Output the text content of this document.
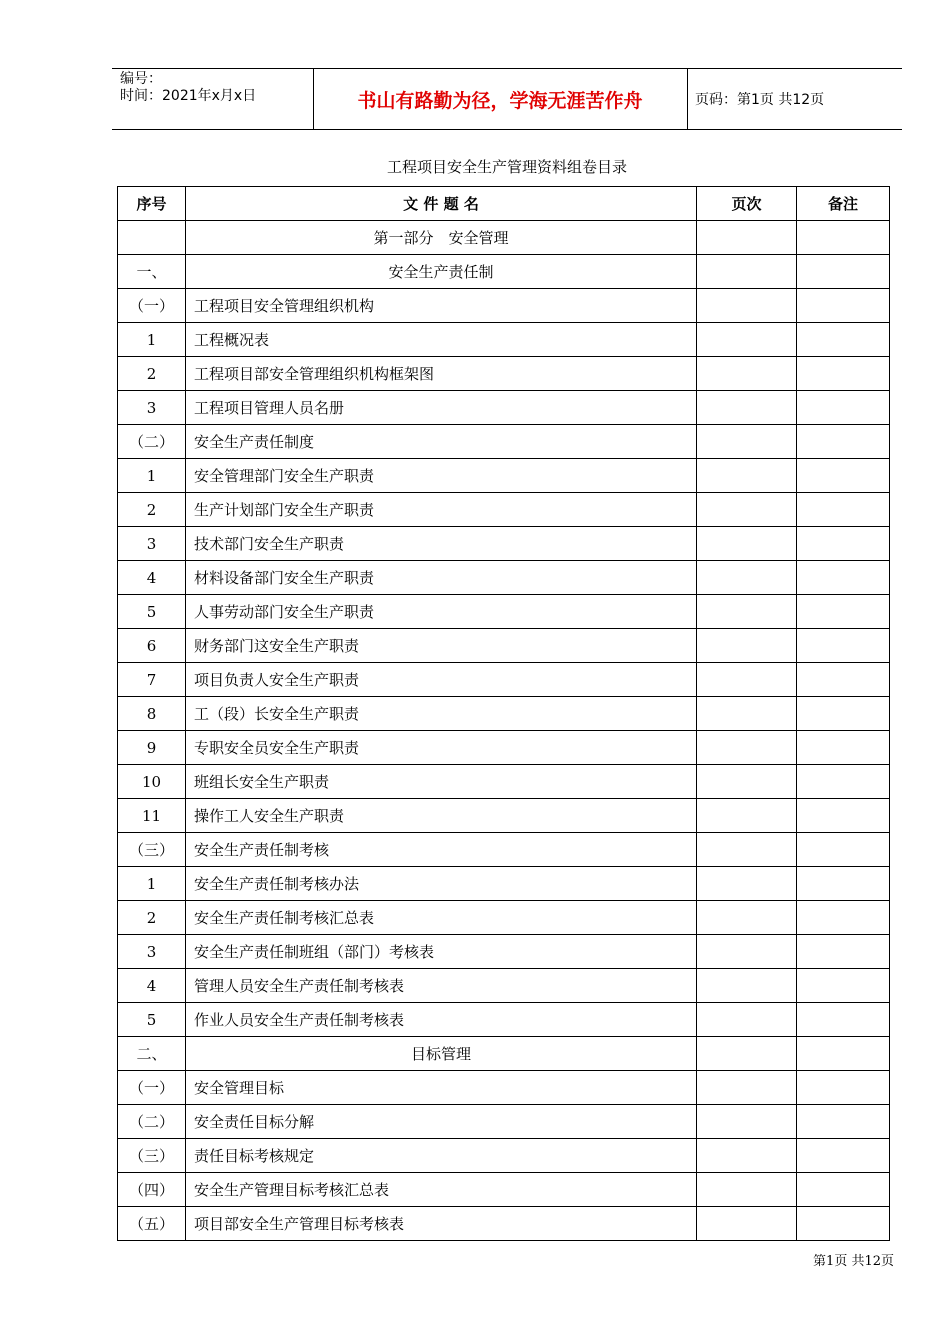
编号：
时间：2021年x月x日	书山有路勤为径，学海无涯苦作舟	页码：第1页 共12页
工程项目安全生产管理资料组卷目录
序号	文 件 题 名	页次	备注
	第一部分　安全管理		
一、	安全生产责任制		
（一）	工程项目安全管理组织机构		
1	工程概况表		
2	工程项目部安全管理组织机构框架图		
3	工程项目管理人员名册		
（二）	安全生产责任制度		
1	安全管理部门安全生产职责		
2	生产计划部门安全生产职责		
3	技术部门安全生产职责		
4	材料设备部门安全生产职责		
5	人事劳动部门安全生产职责		
6	财务部门这安全生产职责		
7	项目负责人安全生产职责		
8	工（段）长安全生产职责		
9	专职安全员安全生产职责		
10	班组长安全生产职责		
11	操作工人安全生产职责		
（三）	安全生产责任制考核		
1	安全生产责任制考核办法		
2	安全生产责任制考核汇总表		
3	安全生产责任制班组（部门）考核表		
4	管理人员安全生产责任制考核表		
5	作业人员安全生产责任制考核表		
二、	目标管理		
（一）	安全管理目标		
（二）	安全责任目标分解		
（三）	责任目标考核规定		
（四）	安全生产管理目标考核汇总表		
（五）	项目部安全生产管理目标考核表		
第1页 共12页
